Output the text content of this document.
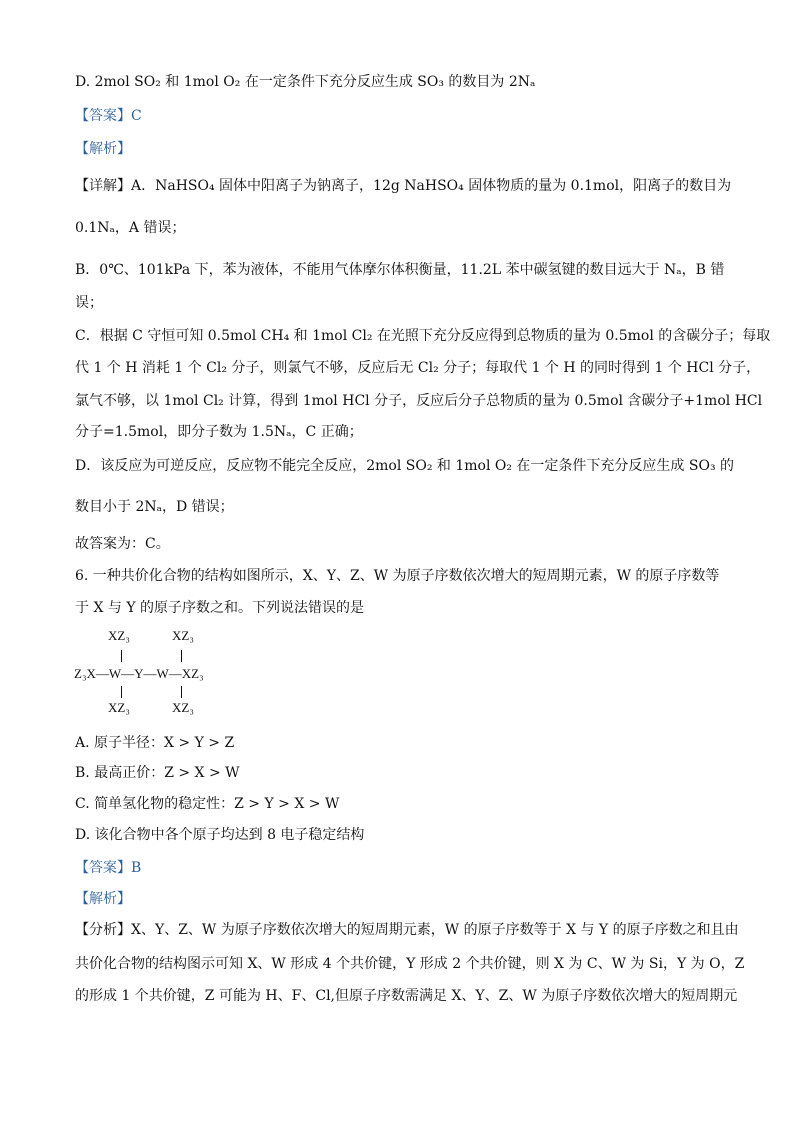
D. 2mol SO₂ 和 1mol O₂ 在一定条件下充分反应生成 SO₃ 的数目为 2Nₐ
【答案】C
【解析】
【详解】A．NaHSO₄ 固体中阳离子为钠离子，12g NaHSO₄ 固体物质的量为 0.1mol，阳离子的数目为
0.1Nₐ，A 错误；
B．0℃、101kPa 下，苯为液体，不能用气体摩尔体积衡量，11.2L 苯中碳氢键的数目远大于 Nₐ，B 错
误；
C．根据 C 守恒可知 0.5mol CH₄ 和 1mol Cl₂ 在光照下充分反应得到总物质的量为 0.5mol 的含碳分子；每取
代 1 个 H 消耗 1 个 Cl₂ 分子，则氯气不够，反应后无 Cl₂ 分子；每取代 1 个 H 的同时得到 1 个 HCl 分子，
氯气不够，以 1mol Cl₂ 计算，得到 1mol HCl 分子，反应后分子总物质的量为 0.5mol 含碳分子+1mol HCl
分子=1.5mol，即分子数为 1.5Nₐ，C 正确；
D．该反应为可逆反应，反应物不能完全反应，2mol SO₂ 和 1mol O₂ 在一定条件下充分反应生成 SO₃ 的
数目小于 2Nₐ，D 错误；
故答案为：C。
6. 一种共价化合物的结构如图所示，X、Y、Z、W 为原子序数依次增大的短周期元素，W 的原子序数等
于 X 与 Y 的原子序数之和。下列说法错误的是
XZ₃	XZ₃
Z₃X—W—Y—W—XZ₃
XZ₃	XZ₃
A. 原子半径：X > Y > Z
B. 最高正价：Z > X > W
C. 简单氢化物的稳定性：Z > Y > X > W
D. 该化合物中各个原子均达到 8 电子稳定结构
【答案】B
【解析】
【分析】X、Y、Z、W 为原子序数依次增大的短周期元素，W 的原子序数等于 X 与 Y 的原子序数之和且由
共价化合物的结构图示可知 X、W 形成 4 个共价键，Y 形成 2 个共价键，则 X 为 C、W 为 Si，Y 为 O，Z
的形成 1 个共价键，Z 可能为 H、F、Cl,但原子序数需满足 X、Y、Z、W 为原子序数依次增大的短周期元
